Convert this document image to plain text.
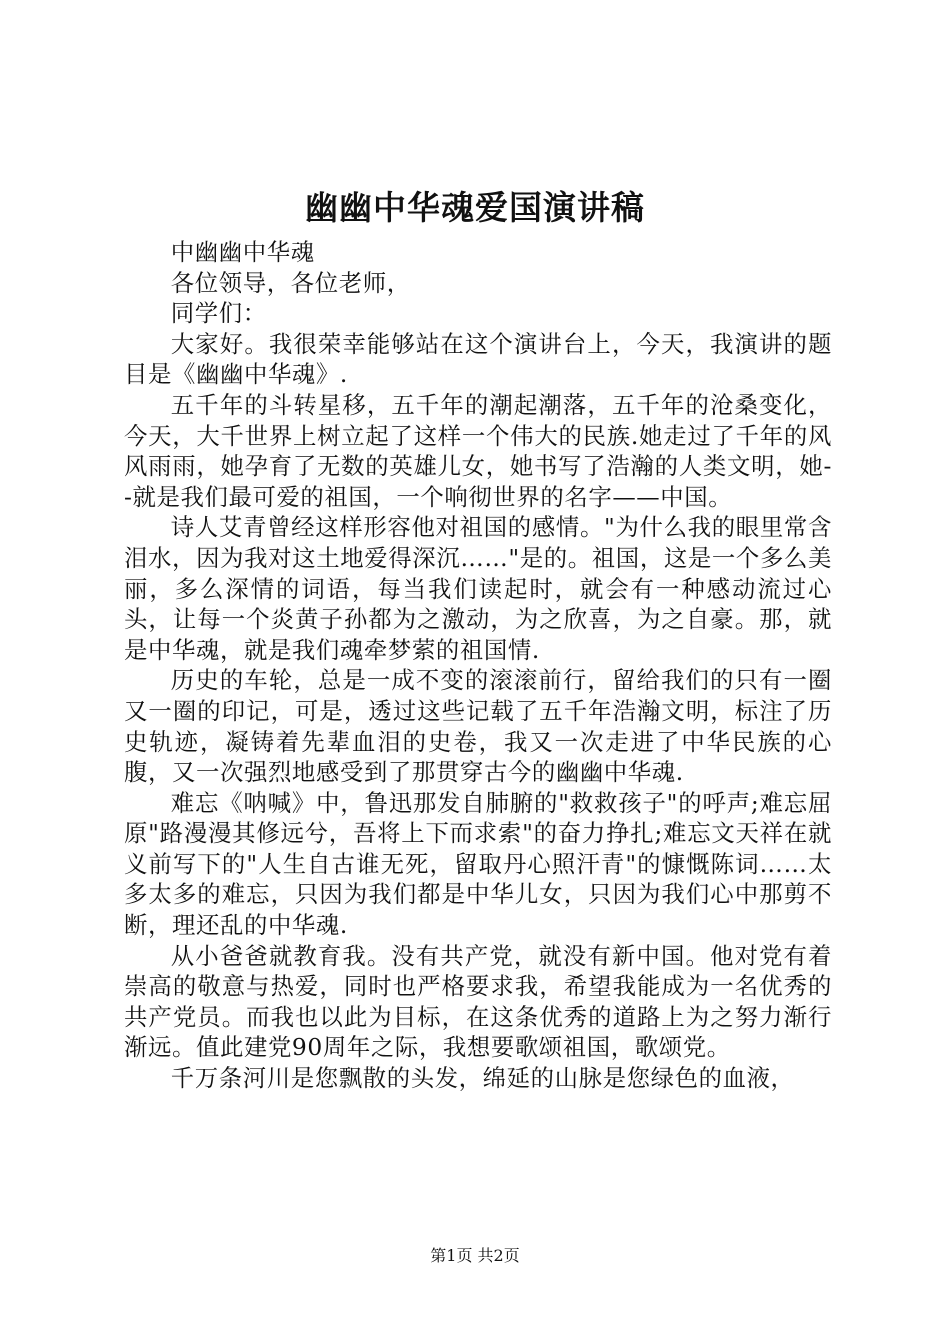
幽幽中华魂爱国演讲稿

中幽幽中华魂

各位领导，各位老师，

同学们：

大家好。我很荣幸能够站在这个演讲台上，今天，我演讲的题目是《幽幽中华魂》.

五千年的斗转星移，五千年的潮起潮落，五千年的沧桑变化，今天，大千世界上树立起了这样一个伟大的民族.她走过了千年的风风雨雨，她孕育了无数的英雄儿女，她书写了浩瀚的人类文明，她--就是我们最可爱的祖国，一个响彻世界的名字——中国。

诗人艾青曾经这样形容他对祖国的感情。"为什么我的眼里常含泪水，因为我对这土地爱得深沉……"是的。祖国，这是一个多么美丽，多么深情的词语，每当我们读起时，就会有一种感动流过心头，让每一个炎黄子孙都为之激动，为之欣喜，为之自豪。那，就是中华魂，就是我们魂牵梦萦的祖国情.

历史的车轮，总是一成不变的滚滚前行，留给我们的只有一圈又一圈的印记，可是，透过这些记载了五千年浩瀚文明，标注了历史轨迹，凝铸着先辈血泪的史卷，我又一次走进了中华民族的心腹，又一次强烈地感受到了那贯穿古今的幽幽中华魂.

难忘《呐喊》中，鲁迅那发自肺腑的"救救孩子"的呼声;难忘屈原"路漫漫其修远兮，吾将上下而求索"的奋力挣扎;难忘文天祥在就义前写下的"人生自古谁无死，留取丹心照汗青"的慷慨陈词……太多太多的难忘，只因为我们都是中华儿女，只因为我们心中那剪不断，理还乱的中华魂.

从小爸爸就教育我。没有共产党，就没有新中国。他对党有着崇高的敬意与热爱，同时也严格要求我，希望我能成为一名优秀的共产党员。而我也以此为目标，在这条优秀的道路上为之努力渐行渐远。值此建党90周年之际，我想要歌颂祖国，歌颂党。

千万条河川是您飘散的头发，绵延的山脉是您绿色的血液，

第1页 共2页
